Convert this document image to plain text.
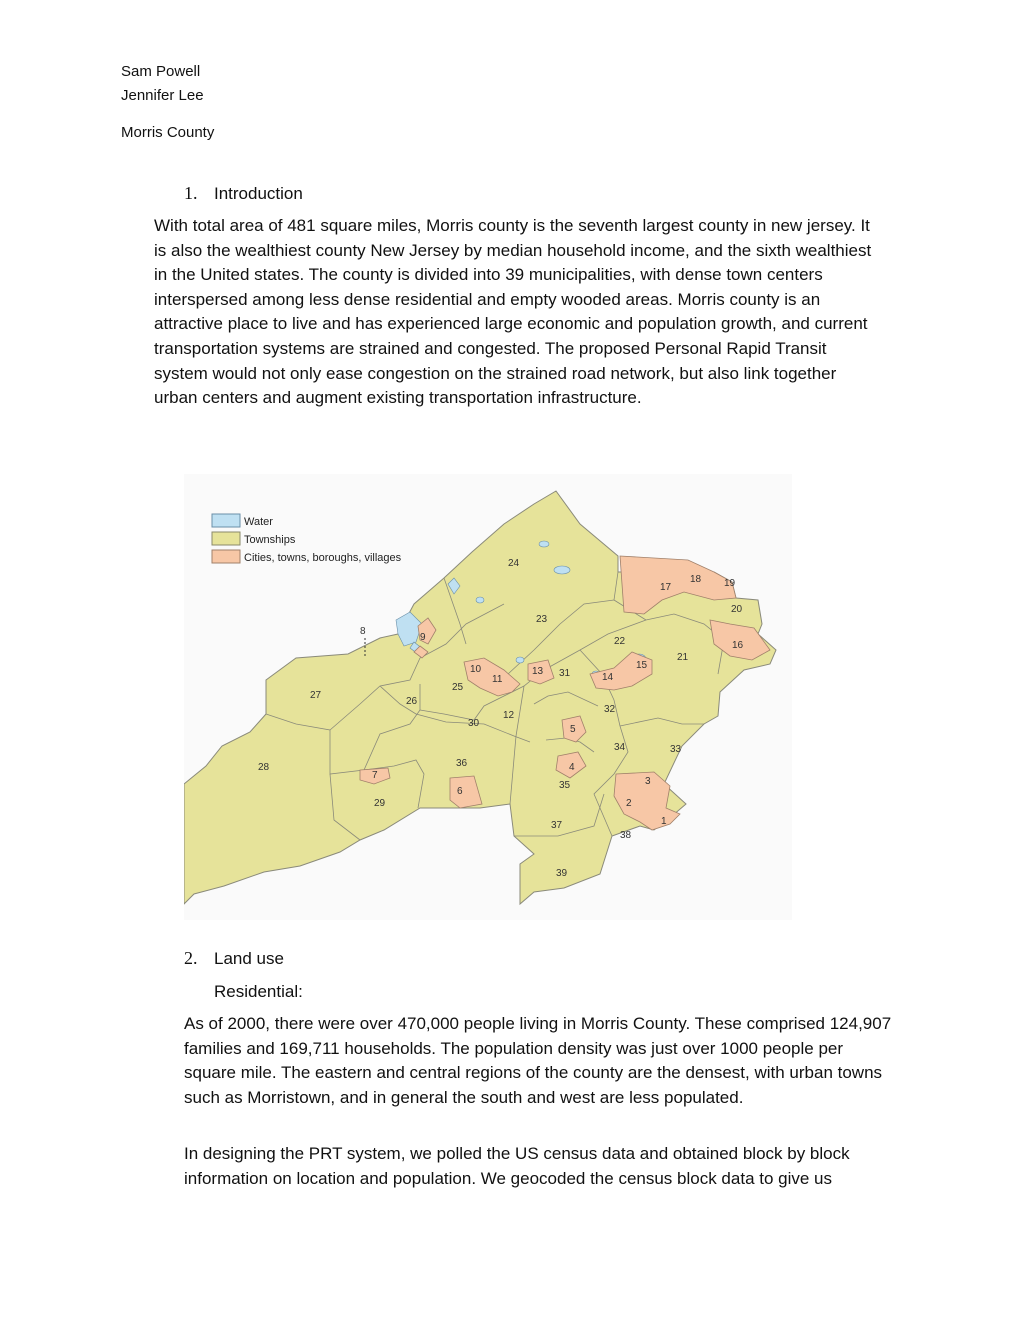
Sam Powell
Jennifer Lee
Morris County
1. Introduction

With total area of 481 square miles, Morris county is the seventh largest county in new jersey. It is also the wealthiest county New Jersey by median household income, and the sixth wealthiest in the United states. The county is divided into 39 municipalities, with dense town centers interspersed among less dense residential and empty wooded areas. Morris county is an attractive place to live and has experienced large economic and population growth, and current transportation systems are strained and congested. The proposed Personal Rapid Transit system would not only ease congestion on the strained road network, but also link together urban centers and augment existing transportation infrastructure.

Water
Townships
Cities, towns, boroughs, villages
1
2
3
4
5
6
7
8
9
10
11
12
13
14
15
16
17
18 19
20
21
22
23
24
25
26
27
28
29
30
31
32
33
34
35
36
37
38
39
2. Land use
Residential:

As of 2000, there were over 470,000 people living in Morris County. These comprised 124,907 families and 169,711 households. The population density was just over 1000 people per square mile. The eastern and central regions of the county are the densest, with urban towns such as Morristown, and in general the south and west are less populated.

In designing the PRT system, we polled the US census data and obtained block by block information on location and population. We geocoded the census block data to give us
